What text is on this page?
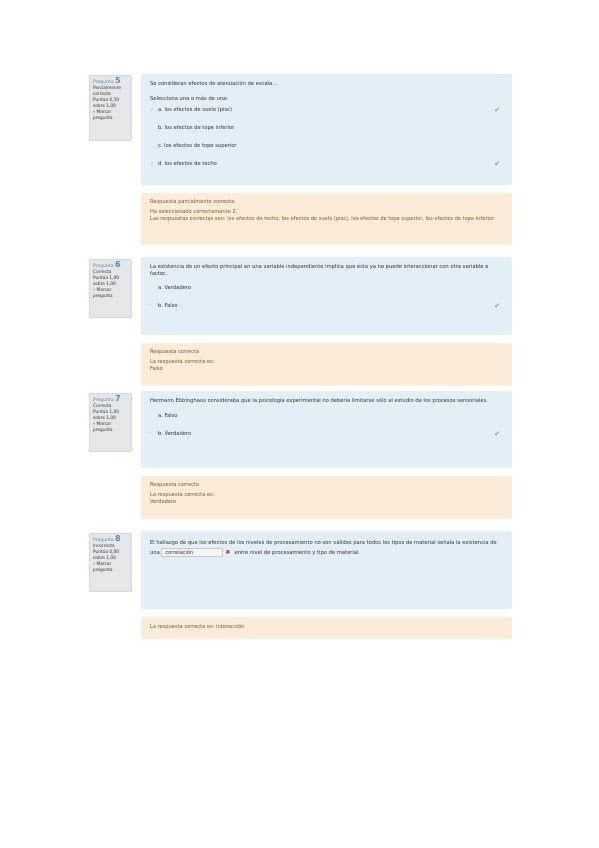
Pregunta 5
Parcialmente correcta
Puntúa 0,50 sobre 1,00
▾ Marcar pregunta
Se consideran efectos de atenuación de escala...
Selecciona una o más de una:
✓ a. los efectos de suelo (pisc)	✔
b. los efectos de tope inferior
c. los efectos de tope superior
✓ d. los efectos de techo	✔
Respuesta parcialmente correcta.
Ha seleccionado correctamente 2.
Las respuestas correctas son: los efectos de techo, los efectos de suelo (pisc), los efectos de tope superior, los efectos de tope inferior
Pregunta 6
Correcta
Puntúa 1,00 sobre 1,00
▾ Marcar pregunta
La existencia de un efecto principal en una variable independiente implica que ésta ya no puede interaccionar con otra variable o factor.
a. Verdadero
· b. Falso	✔
Respuesta correcta
La respuesta correcta es:
Falso
Pregunta 7
Correcta
Puntúa 1,00 sobre 1,00
▾ Marcar pregunta
Hermann Ebbinghaus consideraba que la psicología experimental no debería limitarse sólo al estudio de los procesos sensoriales.
a. Falso
· b. Verdadero	✔
Respuesta correcta
La respuesta correcta es:
Verdadero
Pregunta 8
Incorrecta
Puntúa 0,00 sobre 1,00
▾ Marcar pregunta
El hallazgo de que los efectos de los niveles de procesamiento no son válidos para todos los tipos de material señala la existencia de una correlación	✖ entre nivel de procesamiento y tipo de material.
La respuesta correcta es: interacción
